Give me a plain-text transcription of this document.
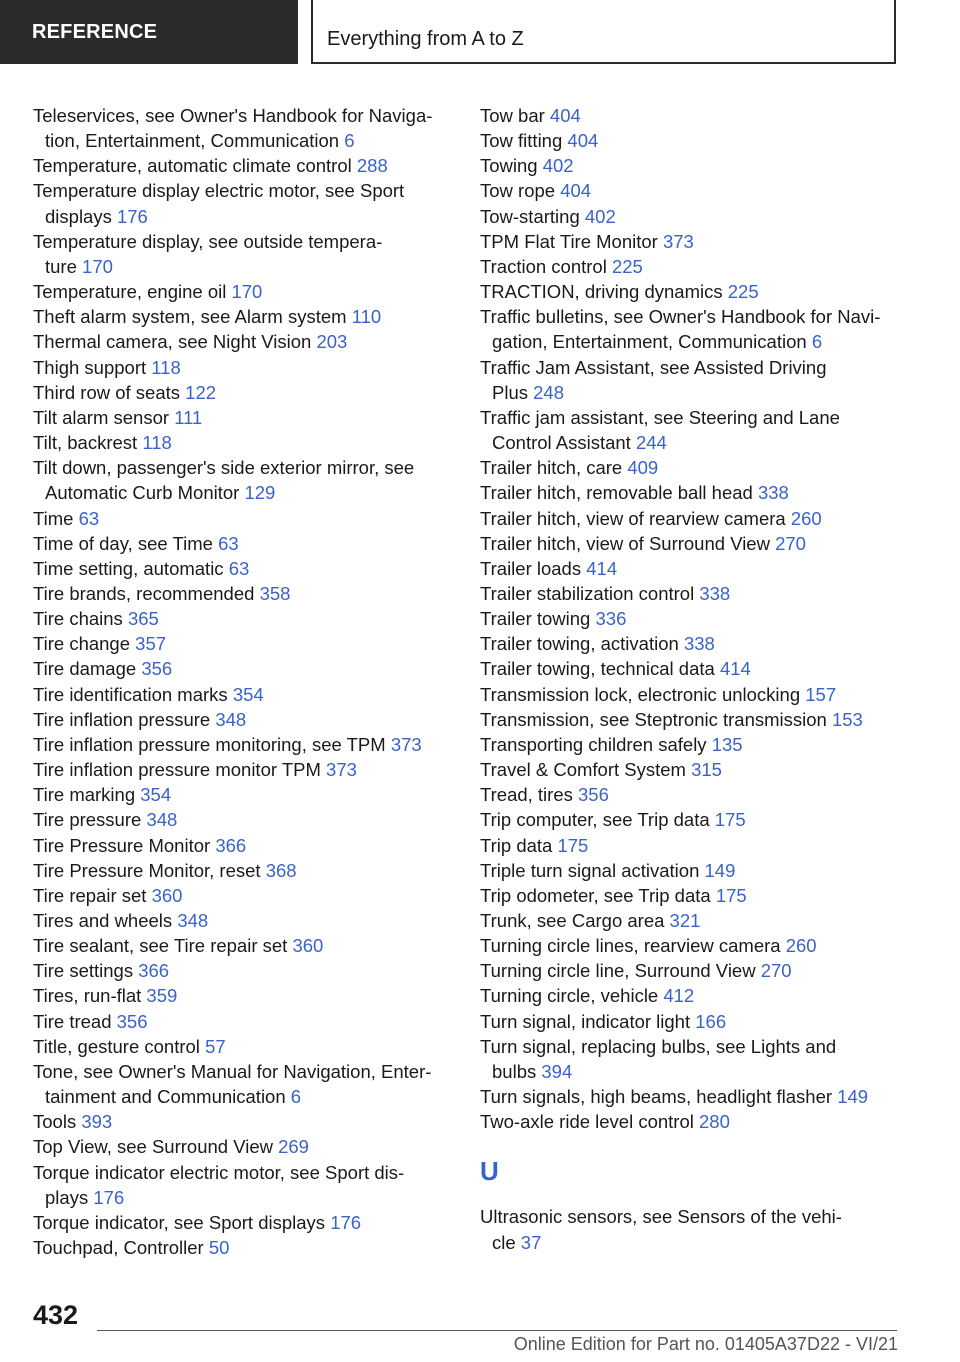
REFERENCE	Everything from A to Z
Teleservices, see Owner's Handbook for Naviga-
tion, Entertainment, Communication 6
Temperature, automatic climate control 288
Temperature display electric motor, see Sport
displays 176
Temperature display, see outside tempera-
ture 170
Temperature, engine oil 170
Theft alarm system, see Alarm system 110
Thermal camera, see Night Vision 203
Thigh support 118
Third row of seats 122
Tilt alarm sensor 111
Tilt, backrest 118
Tilt down, passenger's side exterior mirror, see
Automatic Curb Monitor 129
Time 63
Time of day, see Time 63
Time setting, automatic 63
Tire brands, recommended 358
Tire chains 365
Tire change 357
Tire damage 356
Tire identification marks 354
Tire inflation pressure 348
Tire inflation pressure monitoring, see TPM 373
Tire inflation pressure monitor TPM 373
Tire marking 354
Tire pressure 348
Tire Pressure Monitor 366
Tire Pressure Monitor, reset 368
Tire repair set 360
Tires and wheels 348
Tire sealant, see Tire repair set 360
Tire settings 366
Tires, run-flat 359
Tire tread 356
Title, gesture control 57
Tone, see Owner's Manual for Navigation, Enter-
tainment and Communication 6
Tools 393
Top View, see Surround View 269
Torque indicator electric motor, see Sport dis-
plays 176
Torque indicator, see Sport displays 176
Touchpad, Controller 50
Tow bar 404
Tow fitting 404
Towing 402
Tow rope 404
Tow-starting 402
TPM Flat Tire Monitor 373
Traction control 225
TRACTION, driving dynamics 225
Traffic bulletins, see Owner's Handbook for Navi-
gation, Entertainment, Communication 6
Traffic Jam Assistant, see Assisted Driving
Plus 248
Traffic jam assistant, see Steering and Lane
Control Assistant 244
Trailer hitch, care 409
Trailer hitch, removable ball head 338
Trailer hitch, view of rearview camera 260
Trailer hitch, view of Surround View 270
Trailer loads 414
Trailer stabilization control 338
Trailer towing 336
Trailer towing, activation 338
Trailer towing, technical data 414
Transmission lock, electronic unlocking 157
Transmission, see Steptronic transmission 153
Transporting children safely 135
Travel & Comfort System 315
Tread, tires 356
Trip computer, see Trip data 175
Trip data 175
Triple turn signal activation 149
Trip odometer, see Trip data 175
Trunk, see Cargo area 321
Turning circle lines, rearview camera 260
Turning circle line, Surround View 270
Turning circle, vehicle 412
Turn signal, indicator light 166
Turn signal, replacing bulbs, see Lights and
bulbs 394
Turn signals, high beams, headlight flasher 149
Two-axle ride level control 280
U
Ultrasonic sensors, see Sensors of the vehi-
cle 37
432
Online Edition for Part no. 01405A37D22 - VI/21
